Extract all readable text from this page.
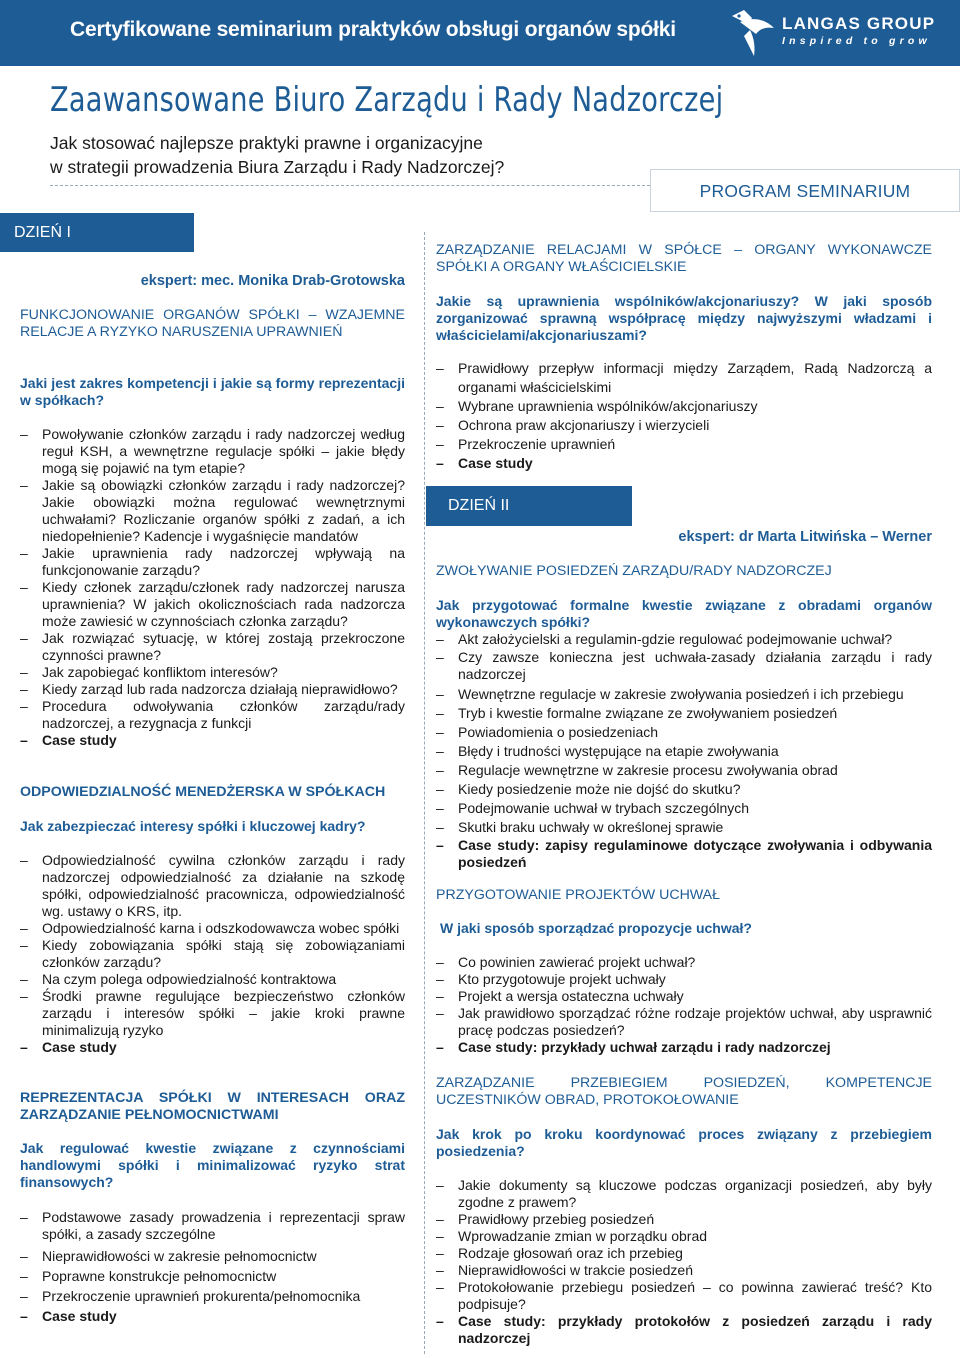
Certyfikowane seminarium praktyków obsługi organów spółki	LANGAS GROUP
Inspired to grow
Zaawansowane Biuro Zarządu i Rady Nadzorczej
Jak stosować najlepsze praktyki prawne i organizacyjne
w strategii prowadzenia Biura Zarządu i Rady Nadzorczej?
PROGRAM SEMINARIUM
DZIEŃ I
DZIEŃ II
ekspert: mec. Monika Drab-Grotowska
FUNKCJONOWANIE ORGANÓW SPÓŁKI – WZAJEMNE RELACJE A RYZYKO NARUSZENIA UPRAWNIEŃ
Jaki jest zakres kompetencji i jakie są formy reprezentacji w spółkach?
– Powoływanie członków zarządu i rady nadzorczej według reguł KSH, a wewnętrzne regulacje spółki – jakie błędy mogą się pojawić na tym etapie?
– Jakie są obowiązki członków zarządu i rady nadzorczej? Jakie obowiązki można regulować wewnętrznymi uchwałami? Rozliczanie organów spółki z zadań, a ich niedopełnienie? Kadencje i wygaśnięcie mandatów
– Jakie uprawnienia rady nadzorczej wpływają na funkcjonowanie zarządu?
– Kiedy członek zarządu/członek rady nadzorczej narusza uprawnienia? W jakich okolicznościach rada nadzorcza może zawiesić w czynnościach członka zarządu?
– Jak rozwiązać sytuację, w której zostają przekroczone czynności prawne?
– Jak zapobiegać konfliktom interesów?
– Kiedy zarząd lub rada nadzorcza działają nieprawidłowo?
– Procedura odwoływania członków zarządu/rady nadzorczej, a rezygnacja z funkcji
– Case study
ODPOWIEDZIALNOŚĆ MENEDŻERSKA W SPÓŁKACH
Jak zabezpieczać interesy spółki i kluczowej kadry?
– Odpowiedzialność cywilna członków zarządu i rady nadzorczej odpowiedzialność za działanie na szkodę spółki, odpowiedzialność pracownicza, odpowiedzialność wg. ustawy o KRS, itp.
– Odpowiedzialność karna i odszkodowawcza wobec spółki
– Kiedy zobowiązania spółki stają się zobowiązaniami członków zarządu?
– Na czym polega odpowiedzialność kontraktowa
– Środki prawne regulujące bezpieczeństwo członków zarządu i interesów spółki – jakie kroki prawne minimalizują ryzyko
– Case study
REPREZENTACJA SPÓŁKI W INTERESACH ORAZ ZARZĄDZANIE PEŁNOMOCNICTWAMI
Jak regulować kwestie związane z czynnościami handlowymi spółki i minimalizować ryzyko strat finansowych?
– Podstawowe zasady prowadzenia i reprezentacji spraw spółki, a zasady szczególne
– Nieprawidłowości w zakresie pełnomocnictw
– Poprawne konstrukcje pełnomocnictw
– Przekroczenie uprawnień prokurenta/pełnomocnika
– Case study
ZARZĄDZANIE RELACJAMI W SPÓŁCE – ORGANY WYKONAWCZE SPÓŁKI A ORGANY WŁAŚCICIELSKIE
Jakie są uprawnienia wspólników/akcjonariuszy? W jaki sposób zorganizować sprawną współpracę między najwyższymi władzami i właścicielami/akcjonariuszami?
– Prawidłowy przepływ informacji między Zarządem, Radą Nadzorczą a organami właścicielskimi
– Wybrane uprawnienia wspólników/akcjonariuszy
– Ochrona praw akcjonariuszy i wierzycieli
– Przekroczenie uprawnień
– Case study
ekspert: dr Marta Litwińska – Werner
ZWOŁYWANIE POSIEDZEŃ ZARZĄDU/RADY NADZORCZEJ
Jak przygotować formalne kwestie związane z obradami organów wykonawczych spółki?
– Akt założycielski a regulamin-gdzie regulować podejmowanie uchwał?
– Czy zawsze konieczna jest uchwała-zasady działania zarządu i rady nadzorczej
– Wewnętrzne regulacje w zakresie zwoływania posiedzeń i ich przebiegu
– Tryb i kwestie formalne związane ze zwoływaniem posiedzeń
– Powiadomienia o posiedzeniach
– Błędy i trudności występujące na etapie zwoływania
– Regulacje wewnętrzne w zakresie procesu zwoływania obrad
– Kiedy posiedzenie może nie dojść do skutku?
– Podejmowanie uchwał w trybach szczególnych
– Skutki braku uchwały w określonej sprawie
– Case study: zapisy regulaminowe dotyczące zwoływania i odbywania posiedzeń
PRZYGOTOWANIE PROJEKTÓW UCHWAŁ
W jaki sposób sporządzać propozycje uchwał?
– Co powinien zawierać projekt uchwał?
– Kto przygotowuje projekt uchwały
– Projekt a wersja ostateczna uchwały
– Jak prawidłowo sporządzać różne rodzaje projektów uchwał, aby usprawnić pracę podczas posiedzeń?
– Case study: przykłady uchwał zarządu i rady nadzorczej
ZARZĄDZANIE PRZEBIEGIEM POSIEDZEŃ, KOMPETENCJE UCZESTNIKÓW OBRAD, PROTOKOŁOWANIE
Jak krok po kroku koordynować proces związany z przebiegiem posiedzenia?
– Jakie dokumenty są kluczowe podczas organizacji posiedzeń, aby były zgodne z prawem?
– Prawidłowy przebieg posiedzeń
– Wprowadzanie zmian w porządku obrad
– Rodzaje głosowań oraz ich przebieg
– Nieprawidłowości w trakcie posiedzeń
– Protokołowanie przebiegu posiedzeń – co powinna zawierać treść? Kto podpisuje?
– Case study: przykłady protokołów z posiedzeń zarządu i rady nadzorczej
